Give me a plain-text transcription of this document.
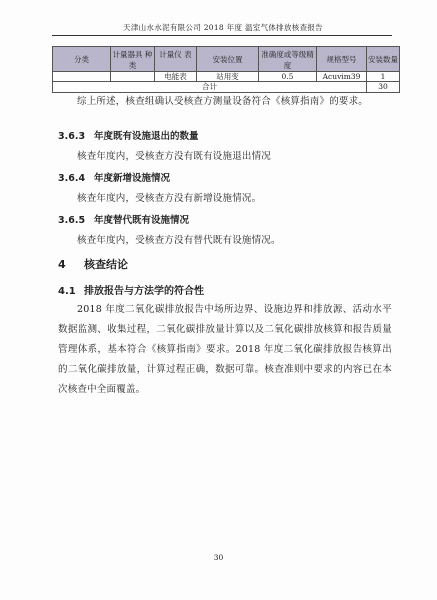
天津山水水泥有限公司 2018 年度 温室气体排放核查报告
分类	计量器具 种类	计量仪 表	安装位置	准确度或等级精 度	规格型号	安装数量
		电能表	站用变	0.5	Acuvim39	1
合计						30
综上所述，核查组确认受核查方测量设备符合《核算指南》的要求。
3.6.3 年度既有设施退出的数量
核查年度内，受核查方没有既有设施退出情况
3.6.4 年度新增设施情况
核查年度内，受核查方没有新增设施情况。
3.6.5 年度替代既有设施情况
核查年度内，受核查方没有替代既有设施情况。
4 核查结论
4.1 排放报告与方法学的符合性
2018 年度二氧化碳排放报告中场所边界、设施边界和排放源、活动水平数据监测、收集过程，二氧化碳排放量计算以及二氧化碳排放核算和报告质量管理体系，基本符合《核算指南》要求。2018 年度二氧化碳排放报告核算出的二氧化碳排放量，计算过程正确，数据可靠。核查准则中要求的内容已在本次核查中全面覆盖。
30
